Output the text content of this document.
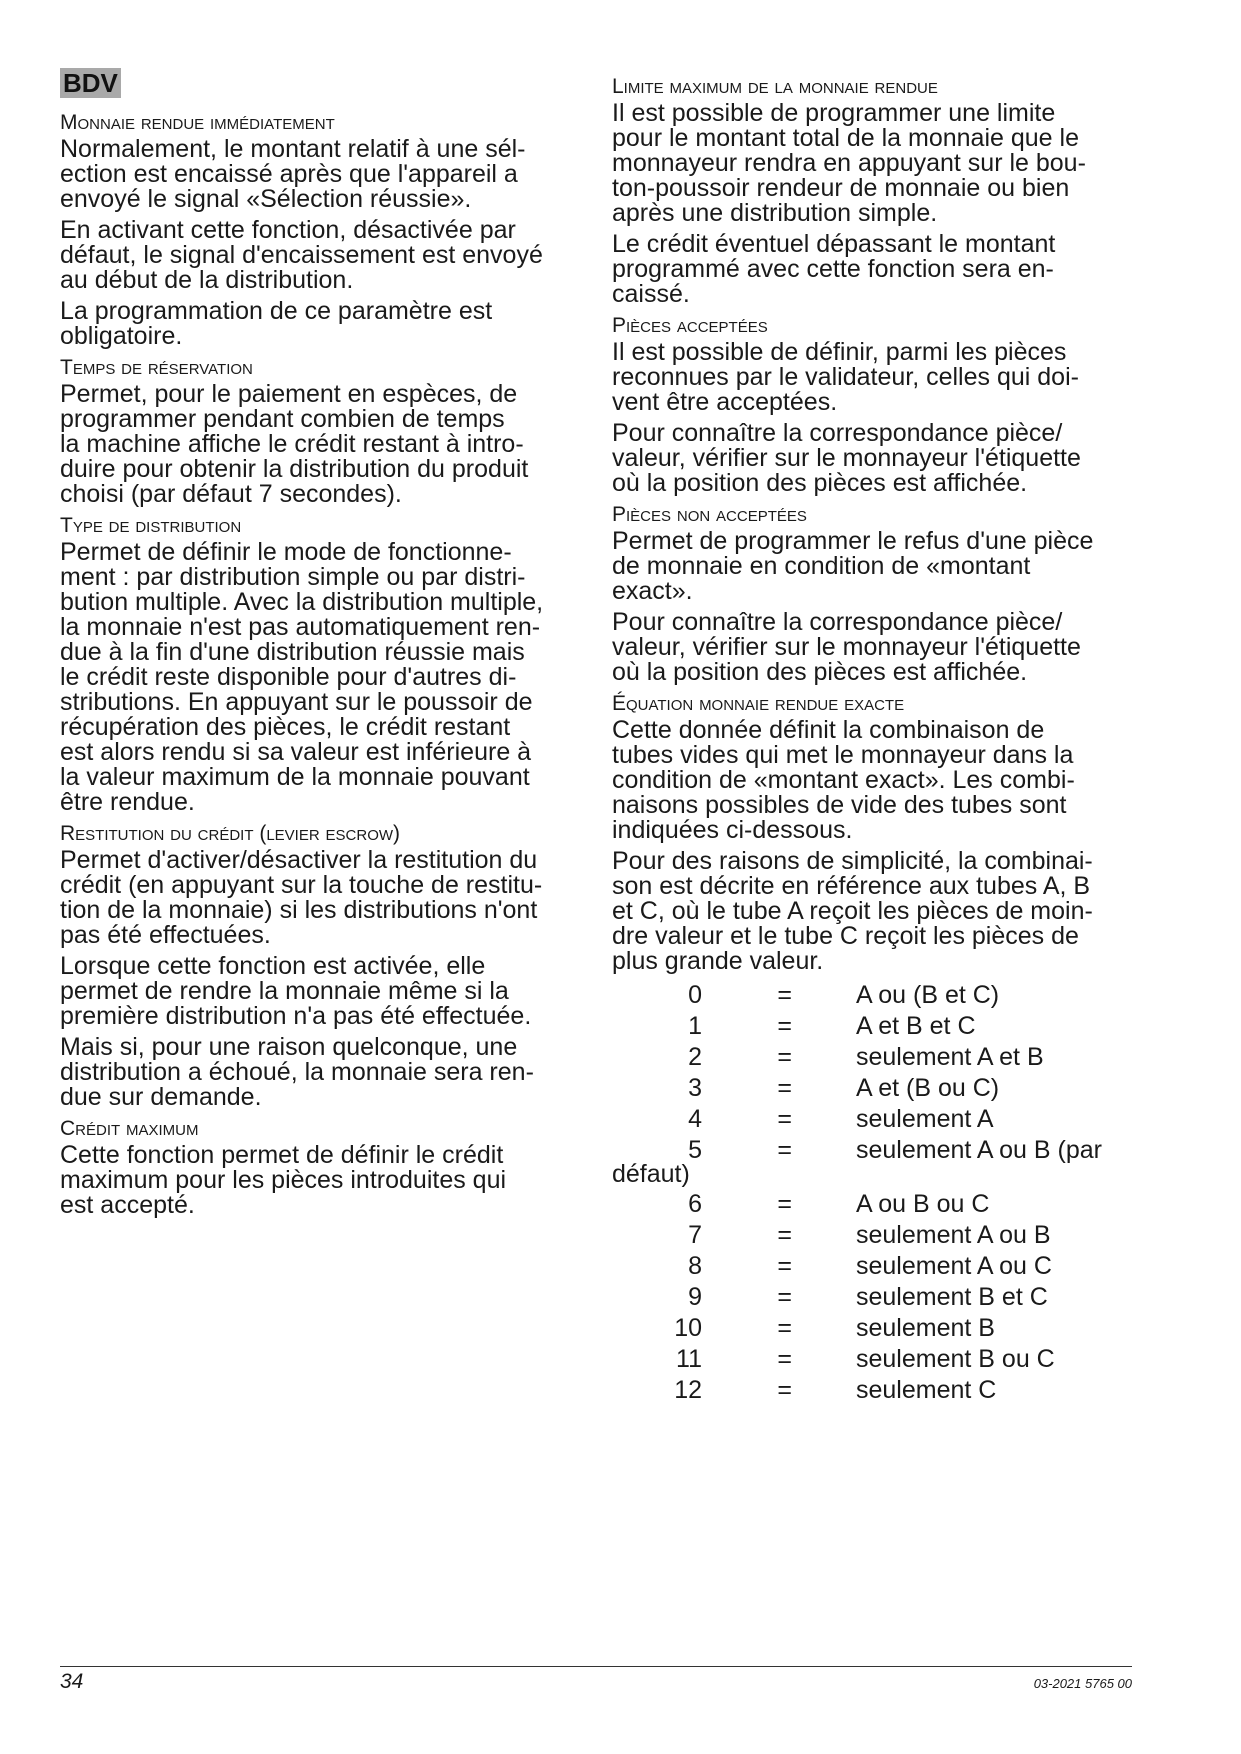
BDV
Monnaie rendue immédiatement
Normalement, le montant relatif à une sél-
ection est encaissé après que l'appareil a
envoyé le signal «Sélection réussie».
En activant cette fonction, désactivée par
défaut, le signal d'encaissement est envoyé
au début de la distribution.
La programmation de ce paramètre est
obligatoire.
Temps de réservation
Permet, pour le paiement en espèces, de
programmer pendant combien de temps
la machine affiche le crédit restant à intro-
duire pour obtenir la distribution du produit
choisi (par défaut 7 secondes).
Type de distribution
Permet de définir le mode de fonctionne-
ment : par distribution simple ou par distri-
bution multiple. Avec la distribution multiple,
la monnaie n'est pas automatiquement ren-
due à la fin d'une distribution réussie mais
le crédit reste disponible pour d'autres di-
stributions. En appuyant sur le poussoir de
récupération des pièces, le crédit restant
est alors rendu si sa valeur est inférieure à
la valeur maximum de la monnaie pouvant
être rendue.
Restitution du crédit (levier escrow)
Permet d'activer/désactiver la restitution du
crédit (en appuyant sur la touche de restitu-
tion de la monnaie) si les distributions n'ont
pas été effectuées.
Lorsque cette fonction est activée, elle
permet de rendre la monnaie même si la
première distribution n'a pas été effectuée.
Mais si, pour une raison quelconque, une
distribution a échoué, la monnaie sera ren-
due sur demande.
Crédit maximum
Cette fonction permet de définir le crédit
maximum pour les pièces introduites qui
est accepté.
Limite maximum de la monnaie rendue
Il est possible de programmer une limite
pour le montant total de la monnaie que le
monnayeur rendra en appuyant sur le bou-
ton-poussoir rendeur de monnaie ou bien
après une distribution simple.
Le crédit éventuel dépassant le montant
programmé avec cette fonction sera en-
caissé.
Pièces acceptées
Il est possible de définir, parmi les pièces
reconnues par le validateur, celles qui doi-
vent être acceptées.
Pour connaître la correspondance pièce/
valeur, vérifier sur le monnayeur l'étiquette
où la position des pièces est affichée.
Pièces non acceptées
Permet de programmer le refus d'une pièce
de monnaie en condition de «montant
exact».
Pour connaître la correspondance pièce/
valeur, vérifier sur le monnayeur l'étiquette
où la position des pièces est affichée.
Équation monnaie rendue exacte
Cette donnée définit la combinaison de
tubes vides qui met le monnayeur dans la
condition de «montant exact». Les combi-
naisons possibles de vide des tubes sont
indiquées ci-dessous.
Pour des raisons de simplicité, la combinai-
son est décrite en référence aux tubes A, B
et C, où le tube A reçoit les pièces de moin-
dre valeur et le tube C reçoit les pièces de
plus grande valeur.
0	=	A ou (B et C)
1	=	A et B et C
2	=	seulement A et B
3	=	A et (B ou C)
4	=	seulement A
5	=	seulement A ou B (par
défaut)
6	=	A ou B ou C
7	=	seulement A ou B
8	=	seulement A ou C
9	=	seulement B et C
10	=	seulement B
11	=	seulement B ou C
12	=	seulement C
34	03-2021 5765 00
